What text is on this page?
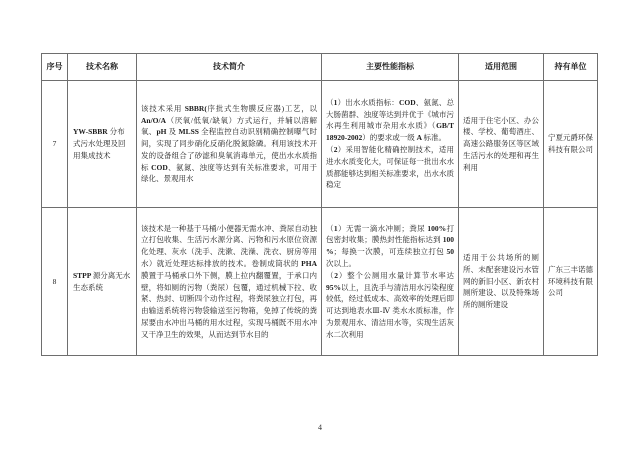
序号	技术名称	技术简介	主要性能指标	适用范围	持有单位
7	YW-SBBR 分布式污水处理及回用集成技术	该技术采用 SBBR(序批式生物膜反应器)工艺，以 An/O/A（厌氧/低氧/缺氧）方式运行，并辅以溶解氧、pH 及 MLSS 全程监控自动识别精确控制曝气时间，实现了同步硝化反硝化脱氮除磷。利用该技术开发的设备组合了砂滤和臭氧消毒单元，使出水水质指标 COD、氨氮、浊度等达到有关标准要求，可用于绿化、景观用水	（1）出水水质指标：COD、氨氮、总大肠菌群、浊度等达到并优于《城市污水再生利用城市杂用水水质》（GB/T 18920-2002）的要求或一级 A 标准。
（2）采用智能化精确控制技术，适用进水水质变化大，可保证每一批出水水质都能够达到相关标准要求，出水水质稳定	适用于住宅小区、办公楼、学校、葡萄酒庄、高速公路服务区等区域生活污水的处理和再生利用	宁夏元爵环保科技有限公司
8	STPP 源分离无水生态系统	该技术是一种基于马桶/小便器无需水冲、粪尿自动独立打包收集、生活污水源分离、污物和污水原位资源化处理、灰水（洗手、洗漱、洗澡、洗衣、厨房等用水）就近处理达标排放的技术。卷制成筒状的 PHA 膜置于马桶承口外下侧，膜上拉内翻覆置，于承口内壁，将如厕的污物（粪尿）包覆，通过机械下拉、收紧、热封、切断四个动作过程，将粪尿独立打包，再由输送系统将污物袋输送至污物箱，免掉了传统的粪尿要由水冲出马桶的用水过程，实现马桶既不用水冲又干净卫生的效果，从而达到节水目的	（1）无需一滴水冲厕；粪尿 100%打包密封收集；膜热封性能指标达到 100 %；每换一次膜，可连续独立打包 50 次以上。
（2）整个公厕用水量计算节水率达95%以上，且洗手与清洁用水污染程度较低，经过低成本、高效率的处理后即可达到地表水Ⅲ-Ⅳ 类水水质标准，作为景观用水、清洁用水等，实现生活灰水二次利用	适用于公共场所的厕所、未配套建设污水管网的新旧小区、新农村厕所建设、以及特殊场所的厕所建设	广东三丰诺德环境科技有限公司
4
